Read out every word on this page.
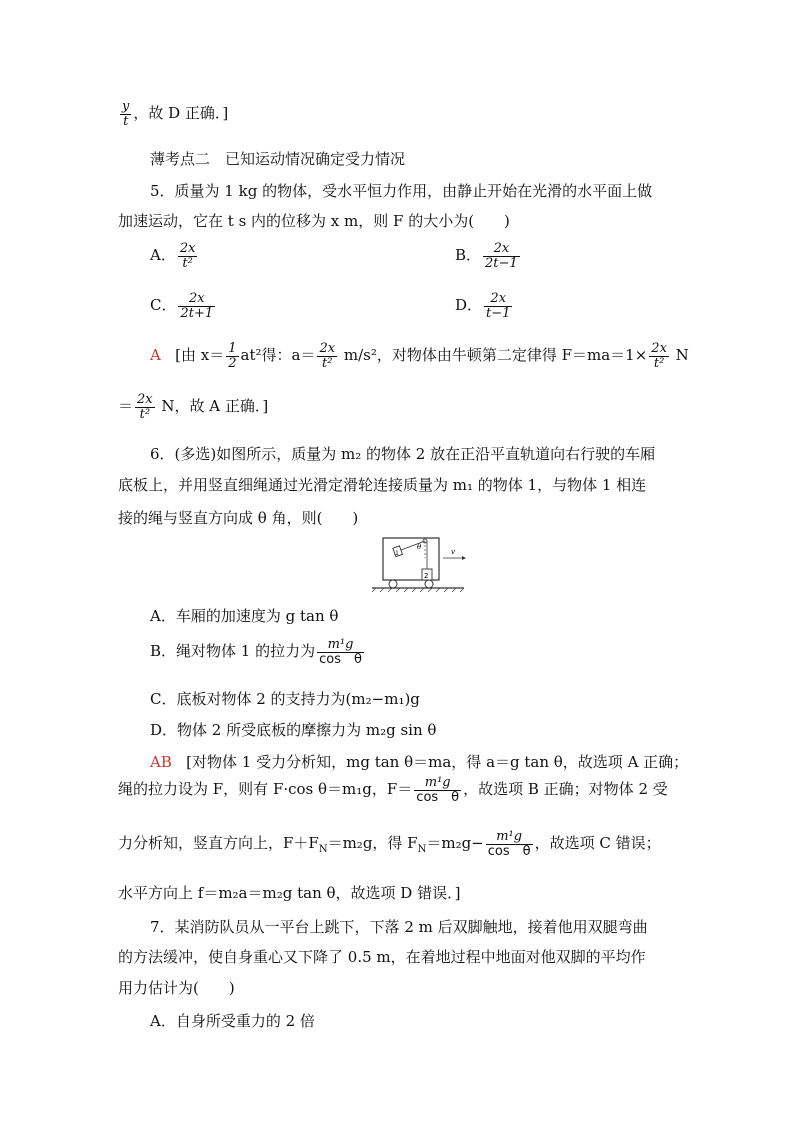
$\frac{y}{t}$ ，故 D 正确．]
薄考点二　已知运动情况确定受力情况
5．质量为 1 kg 的物体，受水平恒力作用，由静止开始在光滑的水平面上做
加速运动，它在 t s 内的位移为 x m，则 F 的大小为(　　)
A． $\frac{2x}{\text{t²}}$	B． $\frac{2x}{2t-1}$
C． $\frac{2x}{2t+1}$	D． $\frac{2x}{t-1}$
A [由 $x= \frac{1}{2} at^2$得：$a= \frac{2x}{\text{t²}} m/s^2$，对物体由牛顿第二定律得 $F=ma=1\times \frac{2x}{\text{t²}}$ N
＝ $\frac{2x}{\text{t²}}$ N，故 A 正确．]
6．(多选)如图所示，质量为 m₂ 的物体 2 放在正沿平直轨道向右行驶的车厢
底板上，并用竖直细绳通过光滑定滑轮连接质量为 m₁ 的物体 1，与物体 1 相连
接的绳与竖直方向成 θ 角，则(　　)
1
θ
2
v
A．车厢的加速度为 g tan θ
B．绳对物体 1 的拉力为 $\frac{\text{m¹g}}{\text{cos　θ}}$
C．底板对物体 2 的支持力为(m₂−m₁)g
D．物体 2 所受底板的摩擦力为 m₂g sin θ
AB [对物体 1 受力分析知，mg tan θ＝ma，得 a＝g tan θ，故选项 A 正确；
绳的拉力设为 F，则有 F·cos θ＝m₁g，$F= \frac{\text{m¹g}}{\text{cos　θ}}$ ，故选项 B 正确；对物体 2 受
力分析知，竖直方向上，$F+F_N=m_2g$，得 $F_N=m_2g- \frac{\text{m¹g}}{\text{cos　θ}}$ ，故选项 C 错误；
水平方向上 f＝m₂a＝m₂g tan θ，故选项 D 错误．]
7．某消防队员从一平台上跳下，下落 2 m 后双脚触地，接着他用双腿弯曲
的方法缓冲，使自身重心又下降了 0.5 m，在着地过程中地面对他双脚的平均作
用力估计为(　　)
A．自身所受重力的 2 倍
